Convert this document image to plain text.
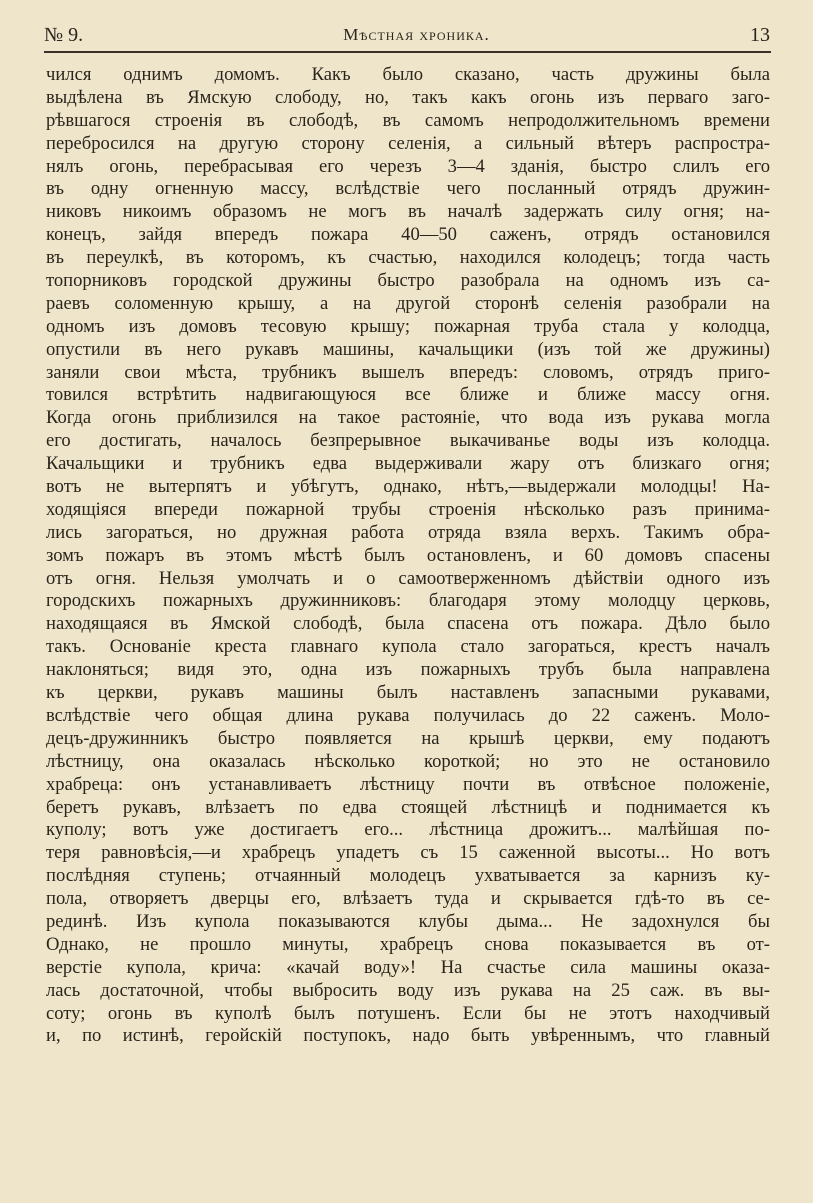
№ 9.	Мѣстная хроника.	13
чился однимъ домомъ. Какъ было сказано, часть дружины была
выдѣлена въ Ямскую слободу, но, такъ какъ огонь изъ перваго заго-
рѣвшагося строенія въ слободѣ, въ самомъ непродолжительномъ времени
перебросился на другую сторону селенія, а сильный вѣтеръ распростра-
нялъ огонь, перебрасывая его черезъ 3—4 зданія, быстро слилъ его
въ одну огненную массу, вслѣдствіе чего посланный отрядъ дружин-
никовъ никоимъ образомъ не могъ въ началѣ задержать силу огня; на-
конецъ, зайдя впередъ пожара 40—50 саженъ, отрядъ остановился
въ переулкѣ, въ которомъ, къ счастью, находился колодецъ; тогда часть
топорниковъ городской дружины быстро разобрала на одномъ изъ са-
раевъ соломенную крышу, а на другой сторонѣ селенія разобрали на
одномъ изъ домовъ тесовую крышу; пожарная труба стала у колодца,
опустили въ него рукавъ машины, качальщики (изъ той же дружины)
заняли свои мѣста, трубникъ вышелъ впередъ: словомъ, отрядъ приго-
товился встрѣтить надвигающуюся все ближе и ближе массу огня.
Когда огонь приблизился на такое растояніе, что вода изъ рукава могла
его достигать, началось безпрерывное выкачиванье воды изъ колодца.
Качальщики и трубникъ едва выдерживали жару отъ близкаго огня;
вотъ не вытерпятъ и убѣгутъ, однако, нѣтъ,—выдержали молодцы! На-
ходящіяся впереди пожарной трубы строенія нѣсколько разъ принима-
лись загораться, но дружная работа отряда взяла верхъ. Такимъ обра-
зомъ пожаръ въ этомъ мѣстѣ былъ остановленъ, и 60 домовъ спасены
отъ огня. Нельзя умолчать и о самоотверженномъ дѣйствіи одного изъ
городскихъ пожарныхъ дружинниковъ: благодаря этому молодцу церковь,
находящаяся въ Ямской слободѣ, была спасена отъ пожара. Дѣло было
такъ. Основаніе креста главнаго купола стало загораться, крестъ началъ
наклоняться; видя это, одна изъ пожарныхъ трубъ была направлена
къ церкви, рукавъ машины былъ наставленъ запасными рукавами,
вслѣдствіе чего общая длина рукава получилась до 22 саженъ. Моло-
децъ-дружинникъ быстро появляется на крышѣ церкви, ему подаютъ
лѣстницу, она оказалась нѣсколько короткой; но это не остановило
храбреца: онъ устанавливаетъ лѣстницу почти въ отвѣсное положеніе,
беретъ рукавъ, влѣзаетъ по едва стоящей лѣстницѣ и поднимается къ
куполу; вотъ уже достигаетъ его... лѣстница дрожитъ... малѣйшая по-
теря равновѣсія,—и храбрецъ упадетъ съ 15 саженной высоты... Но вотъ
послѣдняя ступень; отчаянный молодецъ ухватывается за карнизъ ку-
пола, отворяетъ дверцы его, влѣзаетъ туда и скрывается гдѣ-то въ се-
рединѣ. Изъ купола показываются клубы дыма... Не задохнулся бы
Однако, не прошло минуты, храбрецъ снова показывается въ от-
верстіе купола, крича: «качай воду»! На счастье сила машины оказа-
лась достаточной, чтобы выбросить воду изъ рукава на 25 саж. въ вы-
соту; огонь въ куполѣ былъ потушенъ. Если бы не этотъ находчивый
и, по истинѣ, геройскій поступокъ, надо быть увѣреннымъ, что главный
